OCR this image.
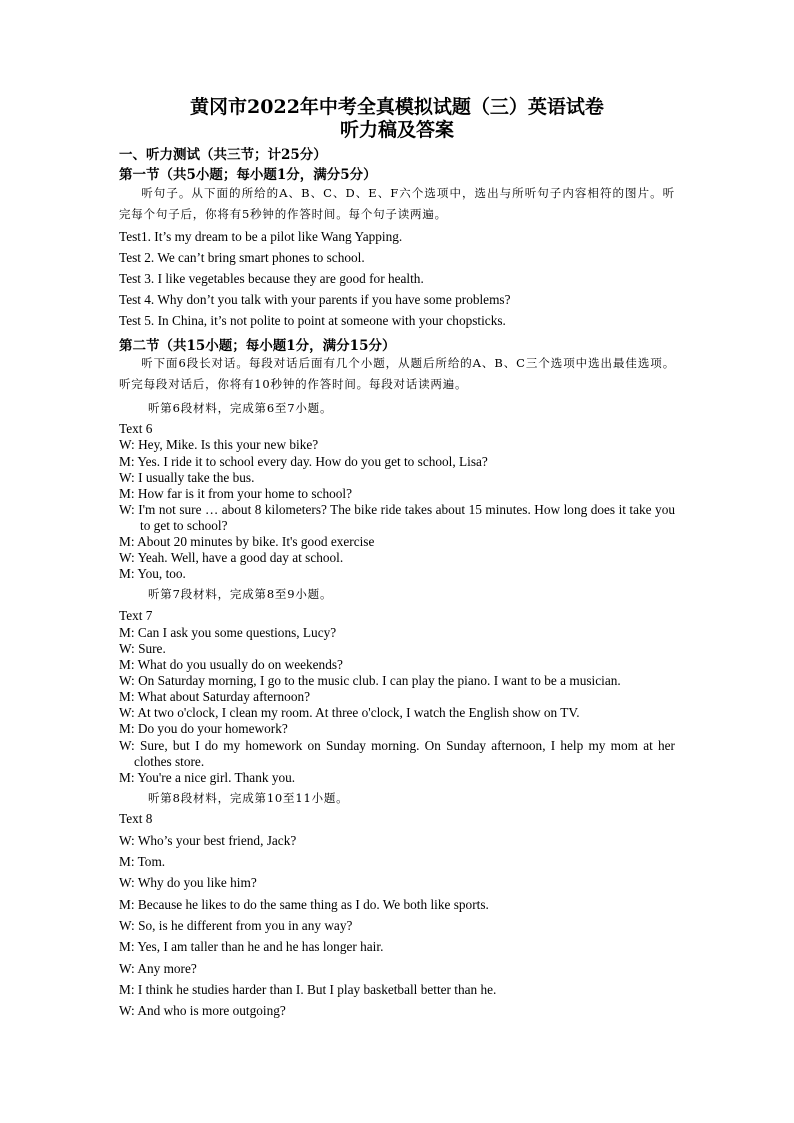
黄冈市2022年中考全真模拟试题（三）英语试卷
听力稿及答案
一、听力测试（共三节；计25分）
第一节（共5小题；每小题1分，满分5分）
听句子。从下面的所给的A、B、C、D、E、F六个选项中，选出与所听句子内容相符的图片。听完每个句子后，你将有5秒钟的作答时间。每个句子读两遍。
Test1. It’s my dream to be a pilot like Wang Yapping.
Test 2. We can’t bring smart phones to school.
Test 3. I like vegetables because they are good for health.
Test 4. Why don’t you talk with your parents if you have some problems?
Test 5. In China, it’s not polite to point at someone with your chopsticks.
第二节（共15小题；每小题1分，满分15分）
听下面6段长对话。每段对话后面有几个小题，从题后所给的A、B、C三个选项中选出最佳选项。听完每段对话后，你将有10秒钟的作答时间。每段对话读两遍。
听第6段材料，完成第6至7小题。
Text 6
W: Hey, Mike. Is this your new bike?
M: Yes. I ride it to school every day. How do you get to school, Lisa?
W: I usually take the bus.
M: How far is it from your home to school?
W: I'm not sure … about 8 kilometers? The bike ride takes about 15 minutes. How long does it take you to get to school?
M: About 20 minutes by bike. It's good exercise
W: Yeah. Well, have a good day at school.
M: You, too.
听第7段材料，完成第8至9小题。
Text 7
M: Can I ask you some questions, Lucy?
W: Sure.
M: What do you usually do on weekends?
W: On Saturday morning, I go to the music club. I can play the piano. I want to be a musician.
M: What about Saturday afternoon?
W: At two o'clock, I clean my room. At three o'clock, I watch the English show on TV.
M: Do you do your homework?
W: Sure, but I do my homework on Sunday morning. On Sunday afternoon, I help my mom at her clothes store.
M: You're a nice girl. Thank you.
听第8段材料，完成第10至11小题。
Text 8
W: Who’s your best friend, Jack?
M: Tom.
W: Why do you like him?
M: Because he likes to do the same thing as I do. We both like sports.
W: So, is he different from you in any way?
M: Yes, I am taller than he and he has longer hair.
W: Any more?
M: I think he studies harder than I. But I play basketball better than he.
W: And who is more outgoing?
